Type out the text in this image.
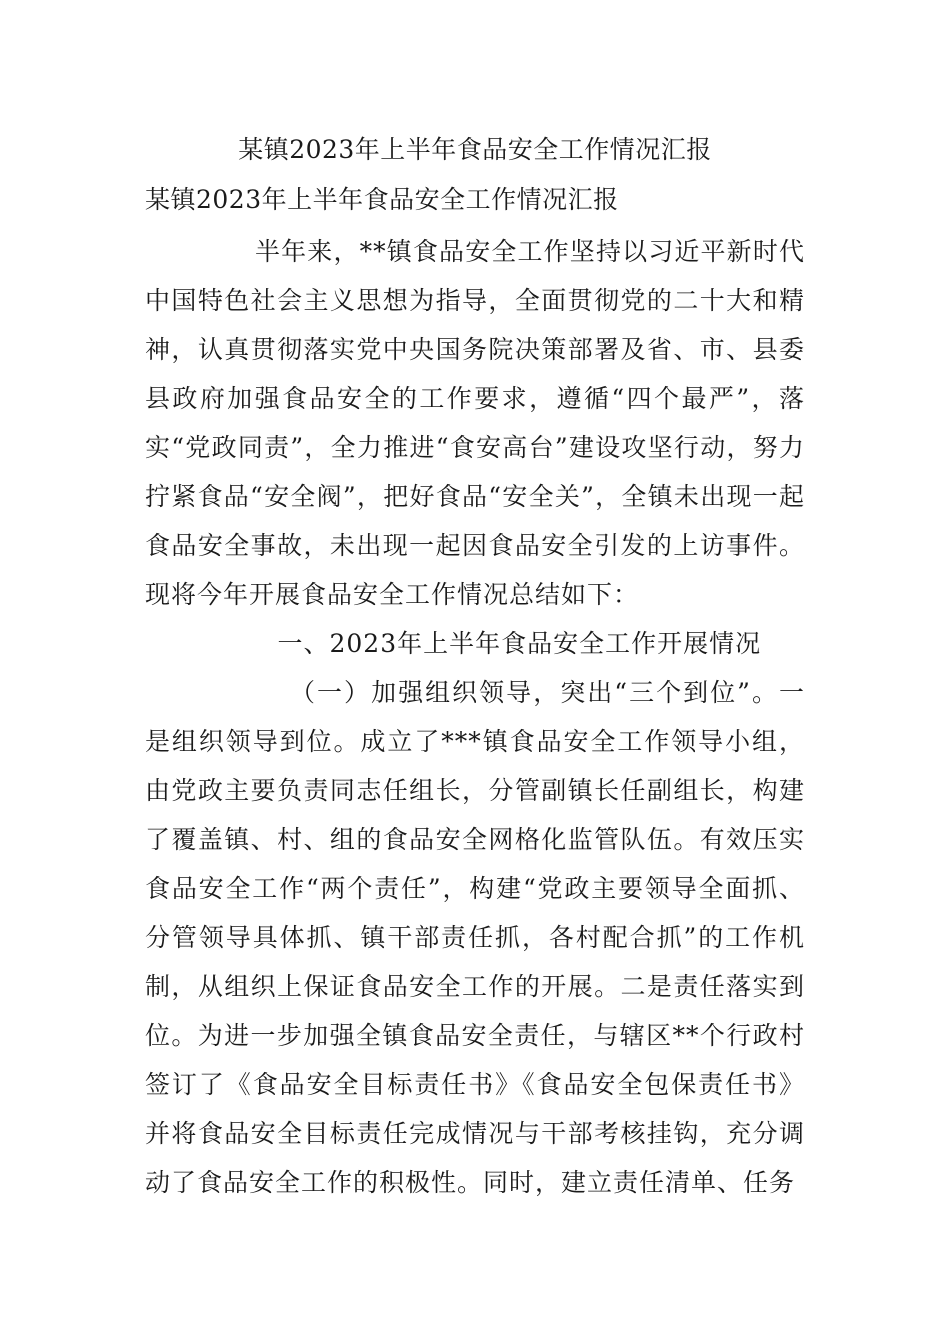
某镇2023年上半年食品安全工作情况汇报
某镇2023年上半年食品安全工作情况汇报

半年来，**镇食品安全工作坚持以习近平新时代中国特色社会主义思想为指导，全面贯彻党的二十大和精神，认真贯彻落实党中央国务院决策部署及省、市、县委县政府加强食品安全的工作要求，遵循“四个最严”，落实“党政同责”，全力推进“食安高台”建设攻坚行动，努力拧紧食品“安全阀”，把好食品“安全关”，全镇未出现一起食品安全事故，未出现一起因食品安全引发的上访事件。现将今年开展食品安全工作情况总结如下：

一、2023年上半年食品安全工作开展情况

（一）加强组织领导，突出“三个到位”。一是组织领导到位。成立了***镇食品安全工作领导小组，由党政主要负责同志任组长，分管副镇长任副组长，构建了覆盖镇、村、组的食品安全网格化监管队伍。有效压实食品安全工作“两个责任”，构建“党政主要领导全面抓、分管领导具体抓、镇干部责任抓，各村配合抓”的工作机制，从组织上保证食品安全工作的开展。二是责任落实到位。为进一步加强全镇食品安全责任，与辖区**个行政村签订了《食品安全目标责任书》《食品安全包保责任书》并将食品安全目标责任完成情况与干部考核挂钩，充分调动了食品安全工作的积极性。同时，建立责任清单、任务
